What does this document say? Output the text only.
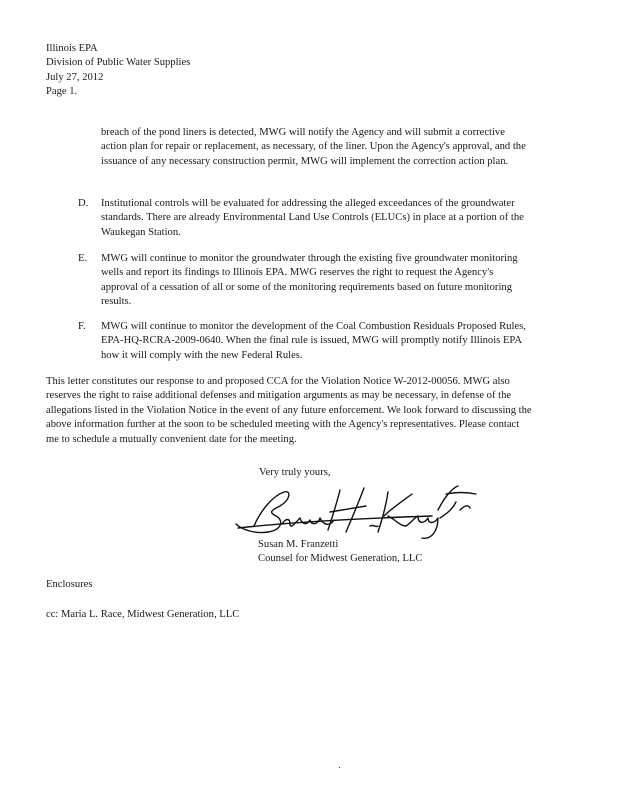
Illinois EPA
Division of Public Water Supplies
July 27, 2012
Page 1.
breach of the pond liners is detected, MWG will notify the Agency and will submit a corrective action plan for repair or replacement, as necessary, of the liner. Upon the Agency's approval, and the issuance of any necessary construction permit, MWG will implement the correction action plan.
D.	Institutional controls will be evaluated for addressing the alleged exceedances of the groundwater standards. There are already Environmental Land Use Controls (ELUCs) in place at a portion of the Waukegan Station.
E.	MWG will continue to monitor the groundwater through the existing five groundwater monitoring wells and report its findings to Illinois EPA. MWG reserves the right to request the Agency's approval of a cessation of all or some of the monitoring requirements based on future monitoring results.
F.	MWG will continue to monitor the development of the Coal Combustion Residuals Proposed Rules, EPA-HQ-RCRA-2009-0640. When the final rule is issued, MWG will promptly notify Illinois EPA how it will comply with the new Federal Rules.
This letter constitutes our response to and proposed CCA for the Violation Notice W-2012-00056. MWG also reserves the right to raise additional defenses and mitigation arguments as may be necessary, in defense of the allegations listed in the Violation Notice in the event of any future enforcement. We look forward to discussing the above information further at the soon to be scheduled meeting with the Agency's representatives. Please contact me to schedule a mutually convenient date for the meeting.
Very truly yours,
Susan M. Franzetti
Counsel for Midwest Generation, LLC
Enclosures
cc: Maria L. Race, Midwest Generation, LLC
